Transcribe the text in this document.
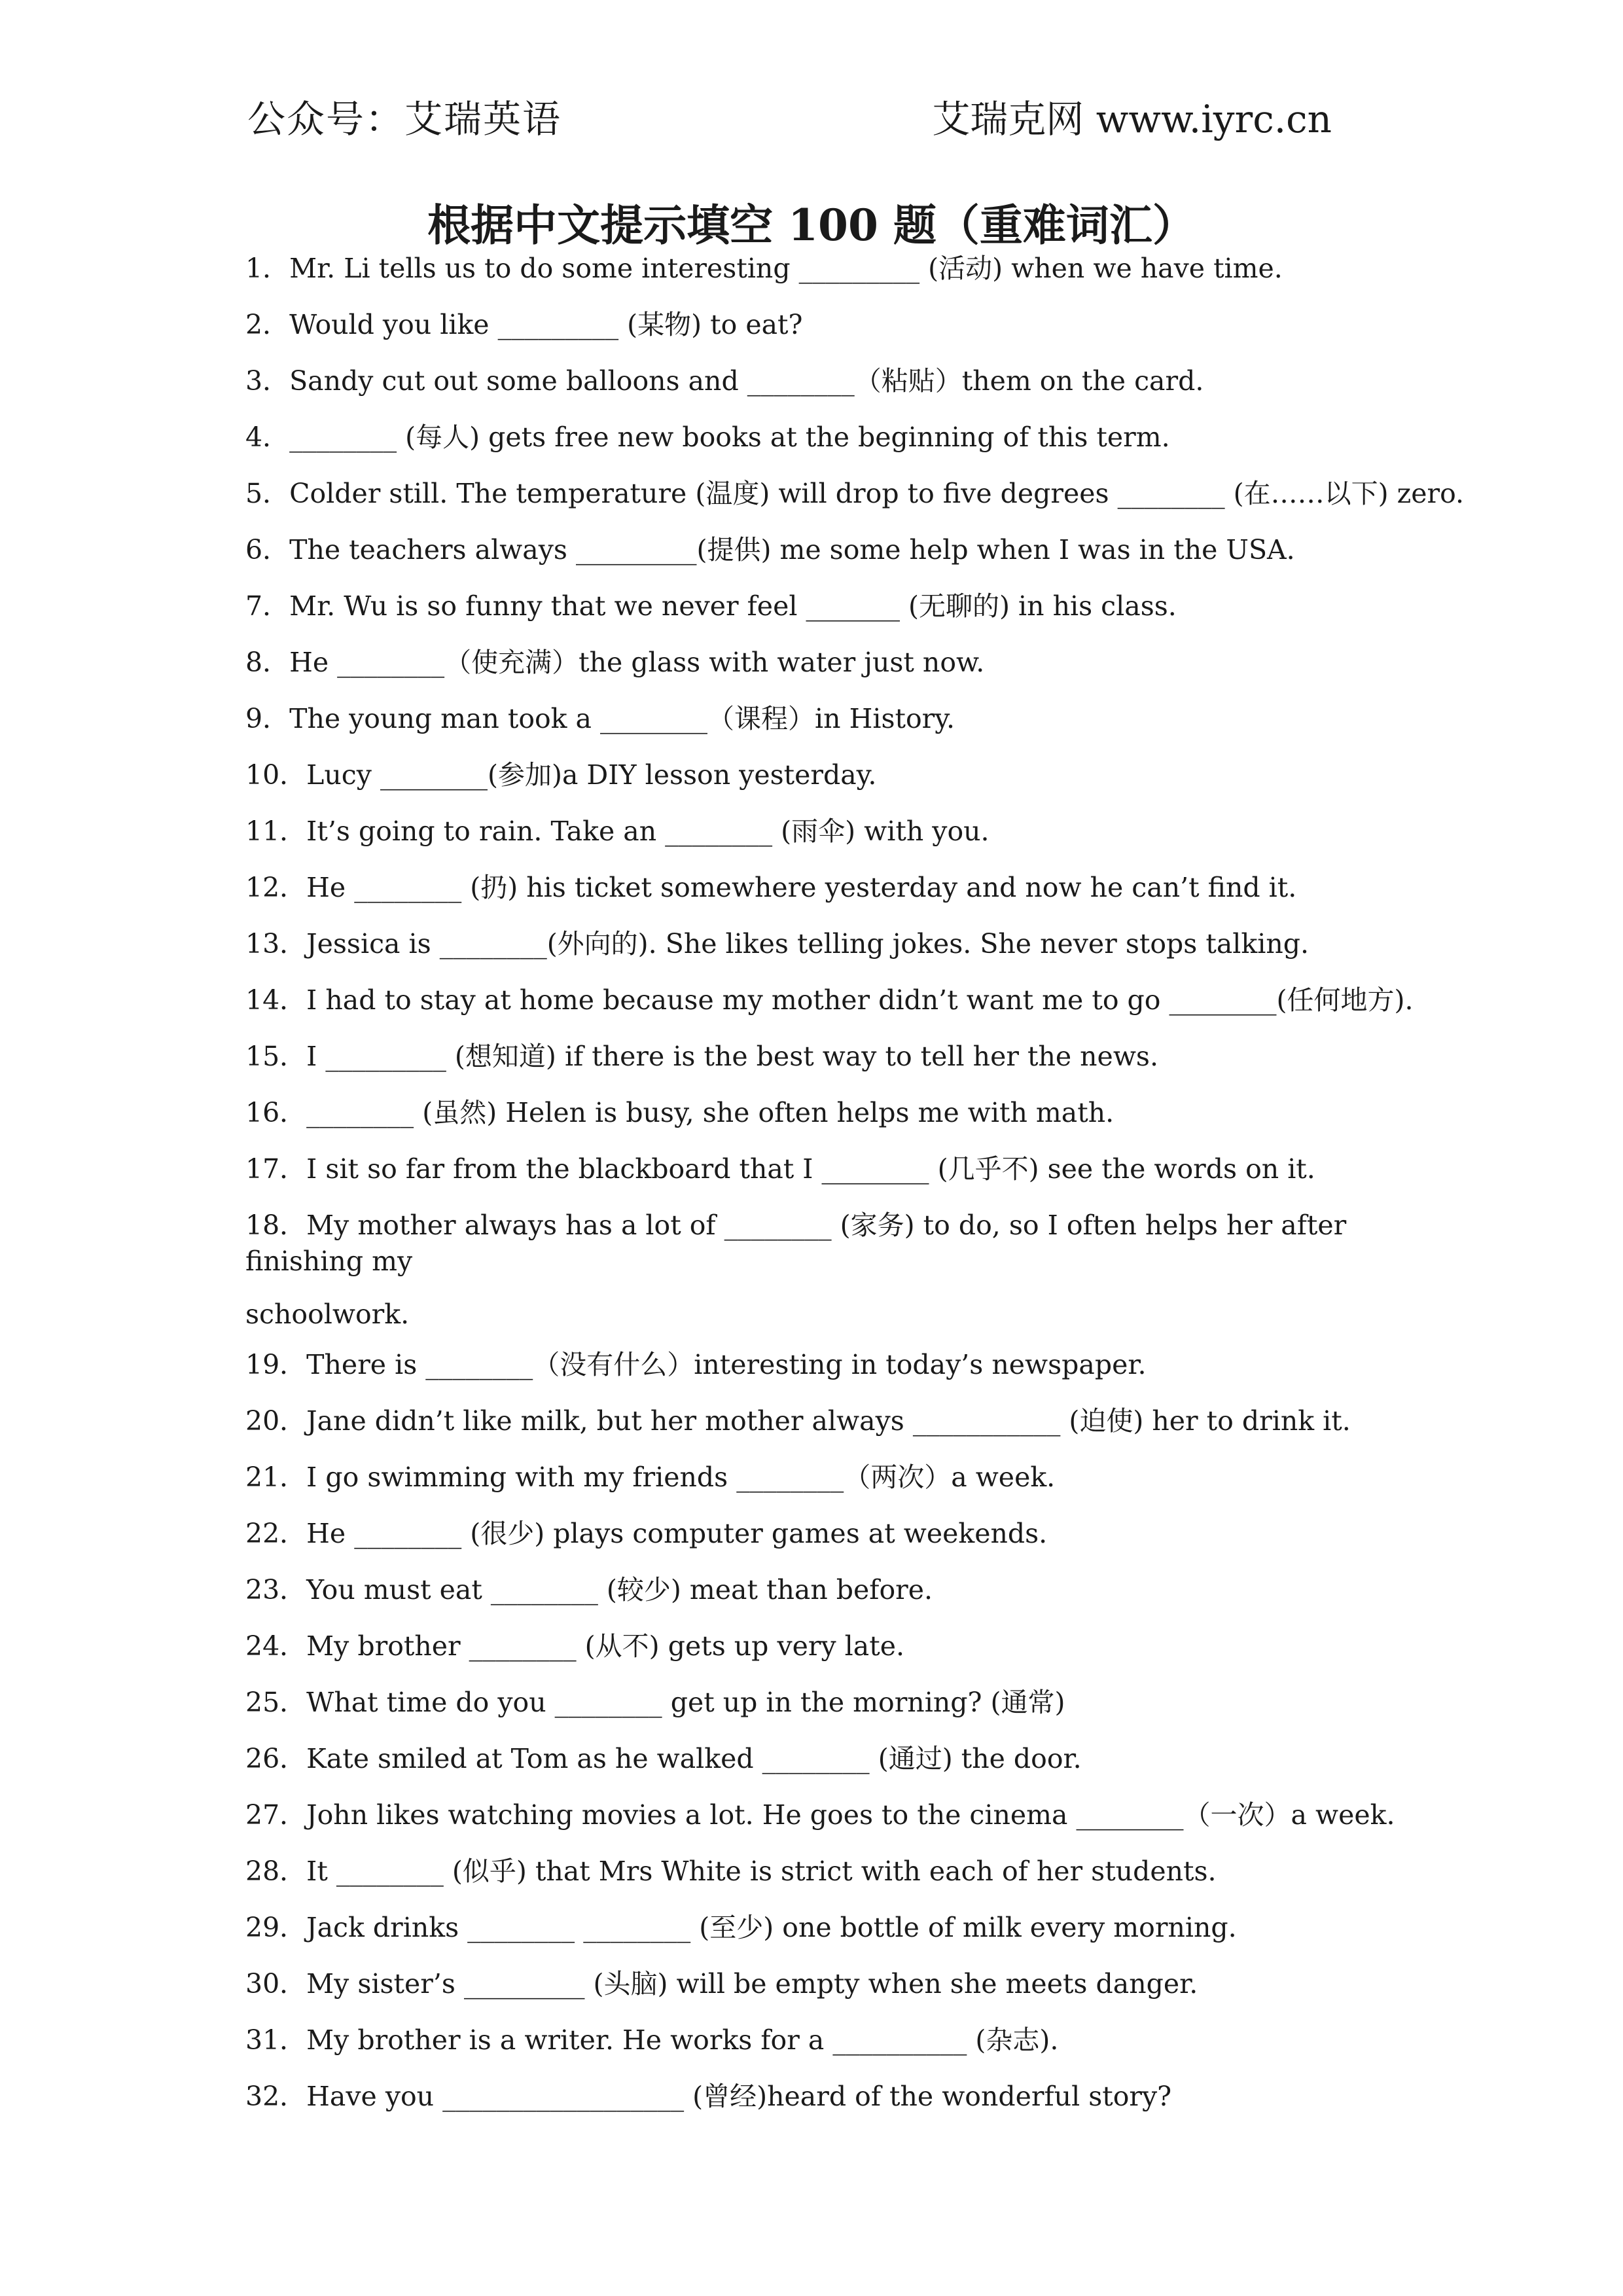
公众号：艾瑞英语	艾瑞克网 www.iyrc.cn
根据中文提示填空 100 题（重难词汇）
1．Mr. Li tells us to do some interesting _________ (活动) when we have time.
2．Would you like _________ (某物) to eat?
3．Sandy cut out some balloons and ________（粘贴）them on the card.
4．________ (每人) gets free new books at the beginning of this term.
5．Colder still. The temperature (温度) will drop to five degrees ________ (在……以下) zero.
6．The teachers always _________(提供) me some help when I was in the USA.
7．Mr. Wu is so funny that we never feel _______ (无聊的) in his class.
8．He ________（使充满）the glass with water just now.
9．The young man took a ________（课程）in History.
10．Lucy ________(参加)a DIY lesson yesterday.
11．It’s going to rain. Take an ________ (雨伞) with you.
12．He ________ (扔) his ticket somewhere yesterday and now he can’t find it.
13．Jessica is ________(外向的). She likes telling jokes. She never stops talking.
14．I had to stay at home because my mother didn’t want me to go ________(任何地方).
15．I _________ (想知道) if there is the best way to tell her the news.
16．________ (虽然) Helen is busy, she often helps me with math.
17．I sit so far from the blackboard that I ________ (几乎不) see the words on it.
18．My mother always has a lot of ________ (家务) to do, so I often helps her after finishing my
schoolwork.
19．There is ________（没有什么）interesting in today’s newspaper.
20．Jane didn’t like milk, but her mother always ___________ (迫使) her to drink it.
21．I go swimming with my friends ________（两次）a week.
22．He ________ (很少) plays computer games at weekends.
23．You must eat ________ (较少) meat than before.
24．My brother ________ (从不) gets up very late.
25．What time do you ________ get up in the morning? (通常)
26．Kate smiled at Tom as he walked ________ (通过) the door.
27．John likes watching movies a lot. He goes to the cinema ________（一次）a week.
28．It ________ (似乎) that Mrs White is strict with each of her students.
29．Jack drinks ________ ________ (至少) one bottle of milk every morning.
30．My sister’s _________ (头脑) will be empty when she meets danger.
31．My brother is a writer. He works for a __________ (杂志).
32．Have you __________________ (曾经)heard of the wonderful story?
